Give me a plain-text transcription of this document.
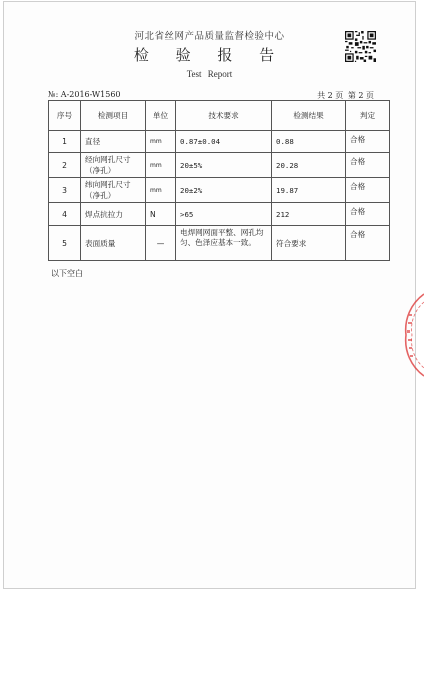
河北省丝网产品质量监督检验中心
检 验 报 告
Test Report
№: A-2016-W1560	共 2 页 第 2 页
序号	检测项目	单位	技术要求	检测结果	判定
1	直径	mm	0.87±0.04	0.88	合格
2	经向网孔尺寸（净孔）	mm	20±5%	20.28	合格
3	纬向网孔尺寸（净孔）	mm	20±2%	19.87	合格
4	焊点抗拉力	N	>65	212	合格
5	表面质量	—	电焊网网面平整、网孔均匀、色泽应基本一致。	符合要求	合格
以下空白
